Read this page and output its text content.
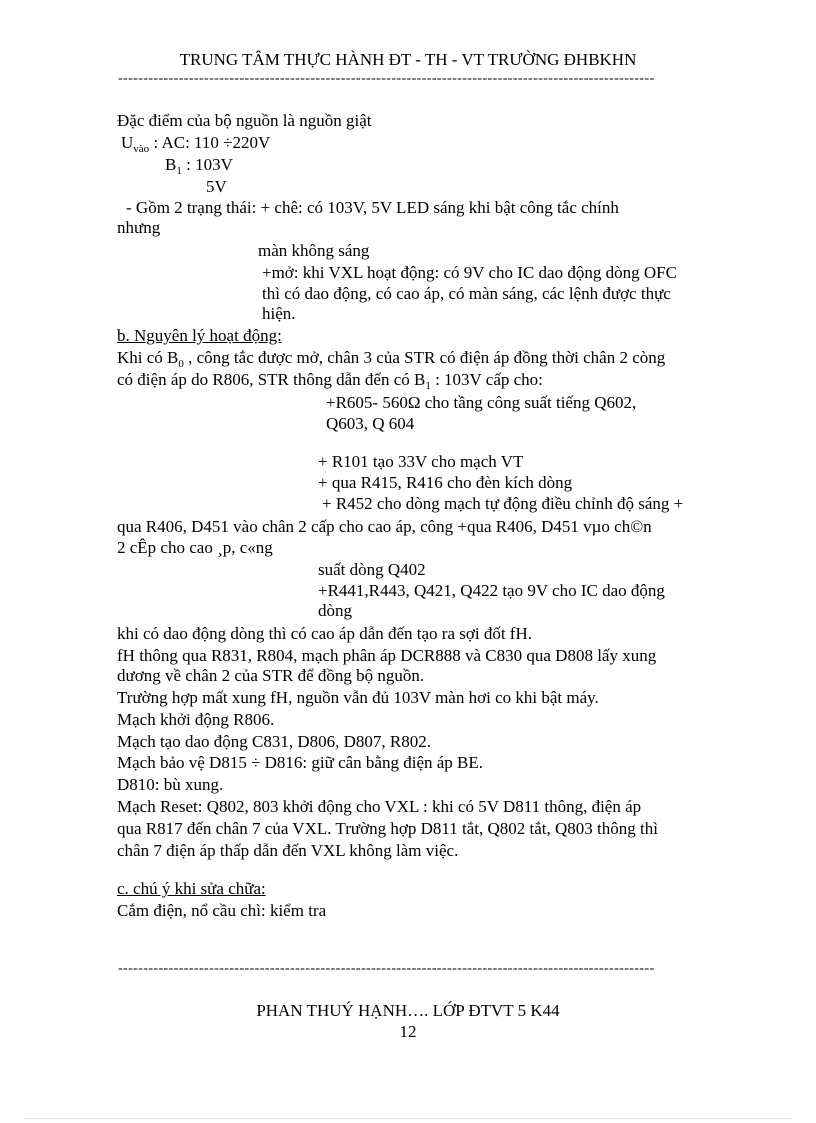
TRUNG TÂM THỰC HÀNH ĐT - TH - VT TRƯỜNG ĐHBKHN
----------------------------------------------------------------------------------------------------------
Đặc điểm của bộ nguồn là nguồn giật
$U_{vào}$ : AC: 110 ÷220V
$B_1$ : 103V
5V
- Gồm 2 trạng thái: + chê: có 103V, 5V LED sáng khi bật công tắc chính
nhưng
màn không sáng
+mở: khi VXL hoạt động: có 9V cho IC dao động dòng OFC
thì có dao động, có cao áp, có màn sáng, các lệnh được thực
hiện.
b. Nguyên lý hoạt động:
Khi có $B_0$ , công tắc được mở, chân 3 của STR có điện áp đồng thời chân 2 còng
có điện áp do R806, STR thông dẫn đến có $B_1$ : 103V cấp cho:
+R605- 560Ω cho tầng công suất tiếng Q602,
Q603, Q 604
+ R101 tạo 33V cho mạch VT
+ qua R415, R416 cho đèn kích dòng
+ R452 cho dòng mạch tự động điều chỉnh độ sáng +
qua R406, D451 vào chân 2 cấp cho cao áp, công +qua R406, D451 vµo ch©n
2 cÊp cho cao ¸p, c«ng
suất dòng Q402
+R441,R443, Q421, Q422 tạo 9V cho IC dao động
dòng
khi có dao động dòng thì có cao áp dẫn đến tạo ra sợi đốt fH.
fH thông qua R831, R804, mạch phân áp DCR888 và C830 qua D808 lấy xung
dương về chân 2 của STR để đồng bộ nguồn.
Trường hợp mất xung fH, nguồn vẫn đủ 103V màn hơi co khi bật máy.
Mạch khởi động R806.
Mạch tạo dao động C831, D806, D807, R802.
Mạch bảo vệ D815 ÷ D816: giữ cân bằng điện áp BE.
D810: bù xung.
Mạch Reset: Q802, 803 khởi động cho VXL : khi có 5V D811 thông, điện áp
qua R817 đến chân 7 của VXL. Trường hợp D811 tắt, Q802 tắt, Q803 thông thì
chân 7 điện áp thấp dẫn đến VXL không làm việc.
c. chú ý khi sửa chữa:
Cắm điện, nổ cầu chì: kiểm tra
----------------------------------------------------------------------------------------------------------
PHAN THUÝ HẠNH…. LỚP ĐTVT 5 K44
12
